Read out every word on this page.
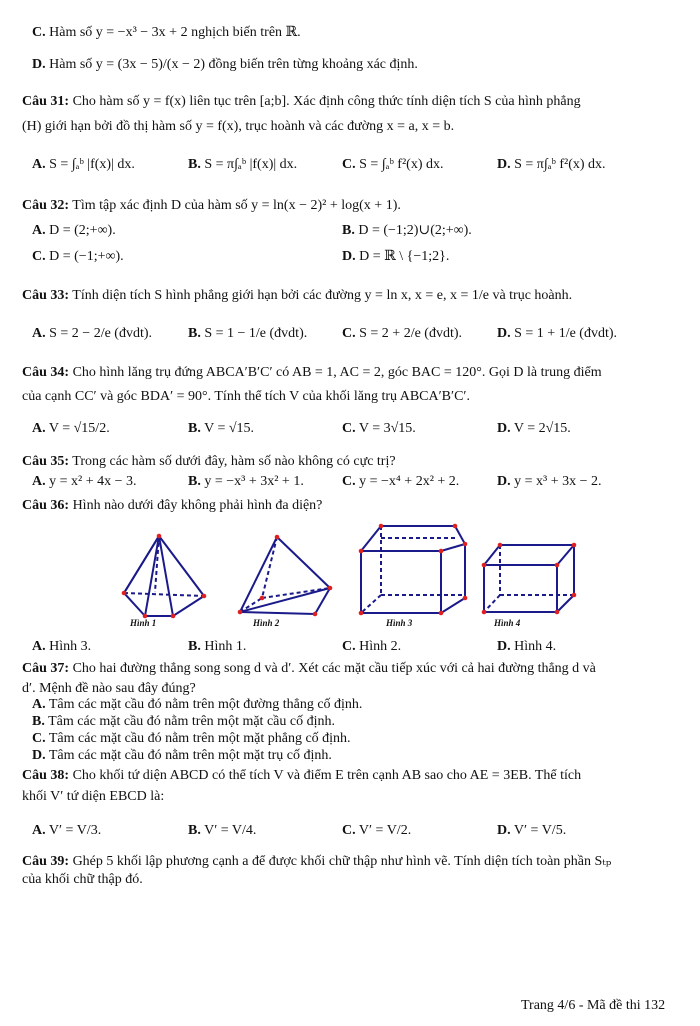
C. Hàm số y = −x³ − 3x + 2 nghịch biến trên ℝ.
D. Hàm số y = (3x − 5)/(x − 2) đồng biến trên từng khoảng xác định.
Câu 31: Cho hàm số y = f(x) liên tục trên [a;b]. Xác định công thức tính diện tích S của hình phẳng
(H) giới hạn bởi đồ thị hàm số y = f(x), trục hoành và các đường x = a, x = b.
A. S = ∫ₐᵇ |f(x)| dx.	B. S = π∫ₐᵇ |f(x)| dx.	C. S = ∫ₐᵇ f²(x) dx.	D. S = π∫ₐᵇ f²(x) dx.
Câu 32: Tìm tập xác định D của hàm số y = ln(x − 2)² + log(x + 1).
A. D = (2;+∞).	B. D = (−1;2)∪(2;+∞).
C. D = (−1;+∞).	D. D = ℝ \ {−1;2}.
Câu 33: Tính diện tích S hình phẳng giới hạn bởi các đường y = ln x, x = e, x = 1/e và trục hoành.
A. S = 2 − 2/e (đvdt).	B. S = 1 − 1/e (đvdt). C. S = 2 + 2/e (đvdt). D. S = 1 + 1/e (đvdt).
Câu 34: Cho hình lăng trụ đứng ABCA′B′C′ có AB = 1, AC = 2, góc BAC = 120°. Gọi D là trung điểm
của cạnh CC′ và góc BDA′ = 90°. Tính thể tích V của khối lăng trụ ABCA′B′C′.
A. V = √15/2.	B. V = √15.	C. V = 3√15.	D. V = 2√15.
Câu 35: Trong các hàm số dưới đây, hàm số nào không có cực trị?
A. y = x² + 4x − 3.	B. y = −x³ + 3x² + 1.	C. y = −x⁴ + 2x² + 2.	D. y = x³ + 3x − 2.
Câu 36: Hình nào dưới đây không phải hình đa diện?
Hình 1	Hình 2	Hình 3	Hình 4
A. Hình 3.	B. Hình 1.	C. Hình 2.	D. Hình 4.
Câu 37: Cho hai đường thẳng song song d và d′. Xét các mặt cầu tiếp xúc với cả hai đường thẳng d và
d′. Mệnh đề nào sau đây đúng?
A. Tâm các mặt cầu đó nằm trên một đường thẳng cố định.
B. Tâm các mặt cầu đó nằm trên một mặt cầu cố định.
C. Tâm các mặt cầu đó nằm trên một mặt phẳng cố định.
D. Tâm các mặt cầu đó nằm trên một mặt trụ cố định.
Câu 38: Cho khối tứ diện ABCD có thể tích V và điểm E trên cạnh AB sao cho AE = 3EB. Thể tích
khối V′ tứ diện EBCD là:
A. V′ = V/3.	B. V′ = V/4.	C. V′ = V/2.	D. V′ = V/5.
Câu 39: Ghép 5 khối lập phương cạnh a để được khối chữ thập như hình vẽ. Tính diện tích toàn phần Sₜₚ
của khối chữ thập đó.
Trang 4/6 - Mã đề thi 132
